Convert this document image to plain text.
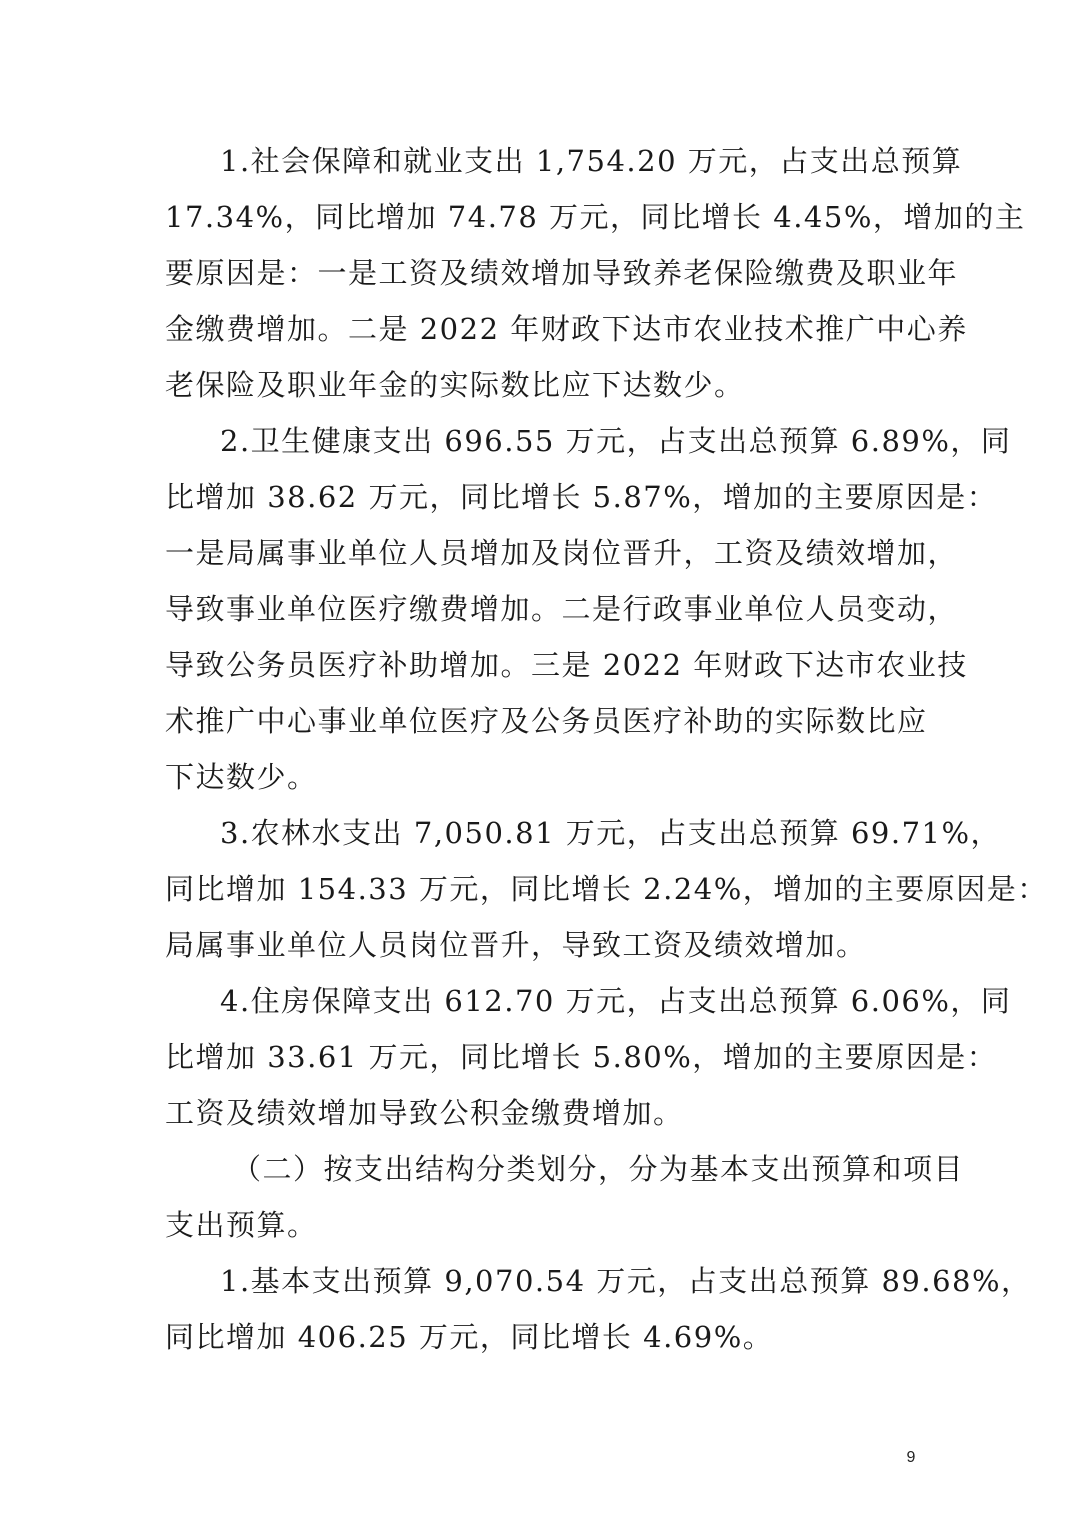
1.社会保障和就业支出 1,754.20 万元，占支出总预算
17.34%，同比增加 74.78 万元，同比增长 4.45%，增加的主
要原因是：一是工资及绩效增加导致养老保险缴费及职业年
金缴费增加。二是 2022 年财政下达市农业技术推广中心养
老保险及职业年金的实际数比应下达数少。
2.卫生健康支出 696.55 万元，占支出总预算 6.89%，同
比增加 38.62 万元，同比增长 5.87%，增加的主要原因是：
一是局属事业单位人员增加及岗位晋升，工资及绩效增加，
导致事业单位医疗缴费增加。二是行政事业单位人员变动，
导致公务员医疗补助增加。三是 2022 年财政下达市农业技
术推广中心事业单位医疗及公务员医疗补助的实际数比应
下达数少。
3.农林水支出 7,050.81 万元，占支出总预算 69.71%，
同比增加 154.33 万元，同比增长 2.24%，增加的主要原因是：
局属事业单位人员岗位晋升，导致工资及绩效增加。
4.住房保障支出 612.70 万元，占支出总预算 6.06%，同
比增加 33.61 万元，同比增长 5.80%，增加的主要原因是：
工资及绩效增加导致公积金缴费增加。
（二）按支出结构分类划分，分为基本支出预算和项目
支出预算。
1.基本支出预算 9,070.54 万元，占支出总预算 89.68%，
同比增加 406.25 万元，同比增长 4.69%。
9
